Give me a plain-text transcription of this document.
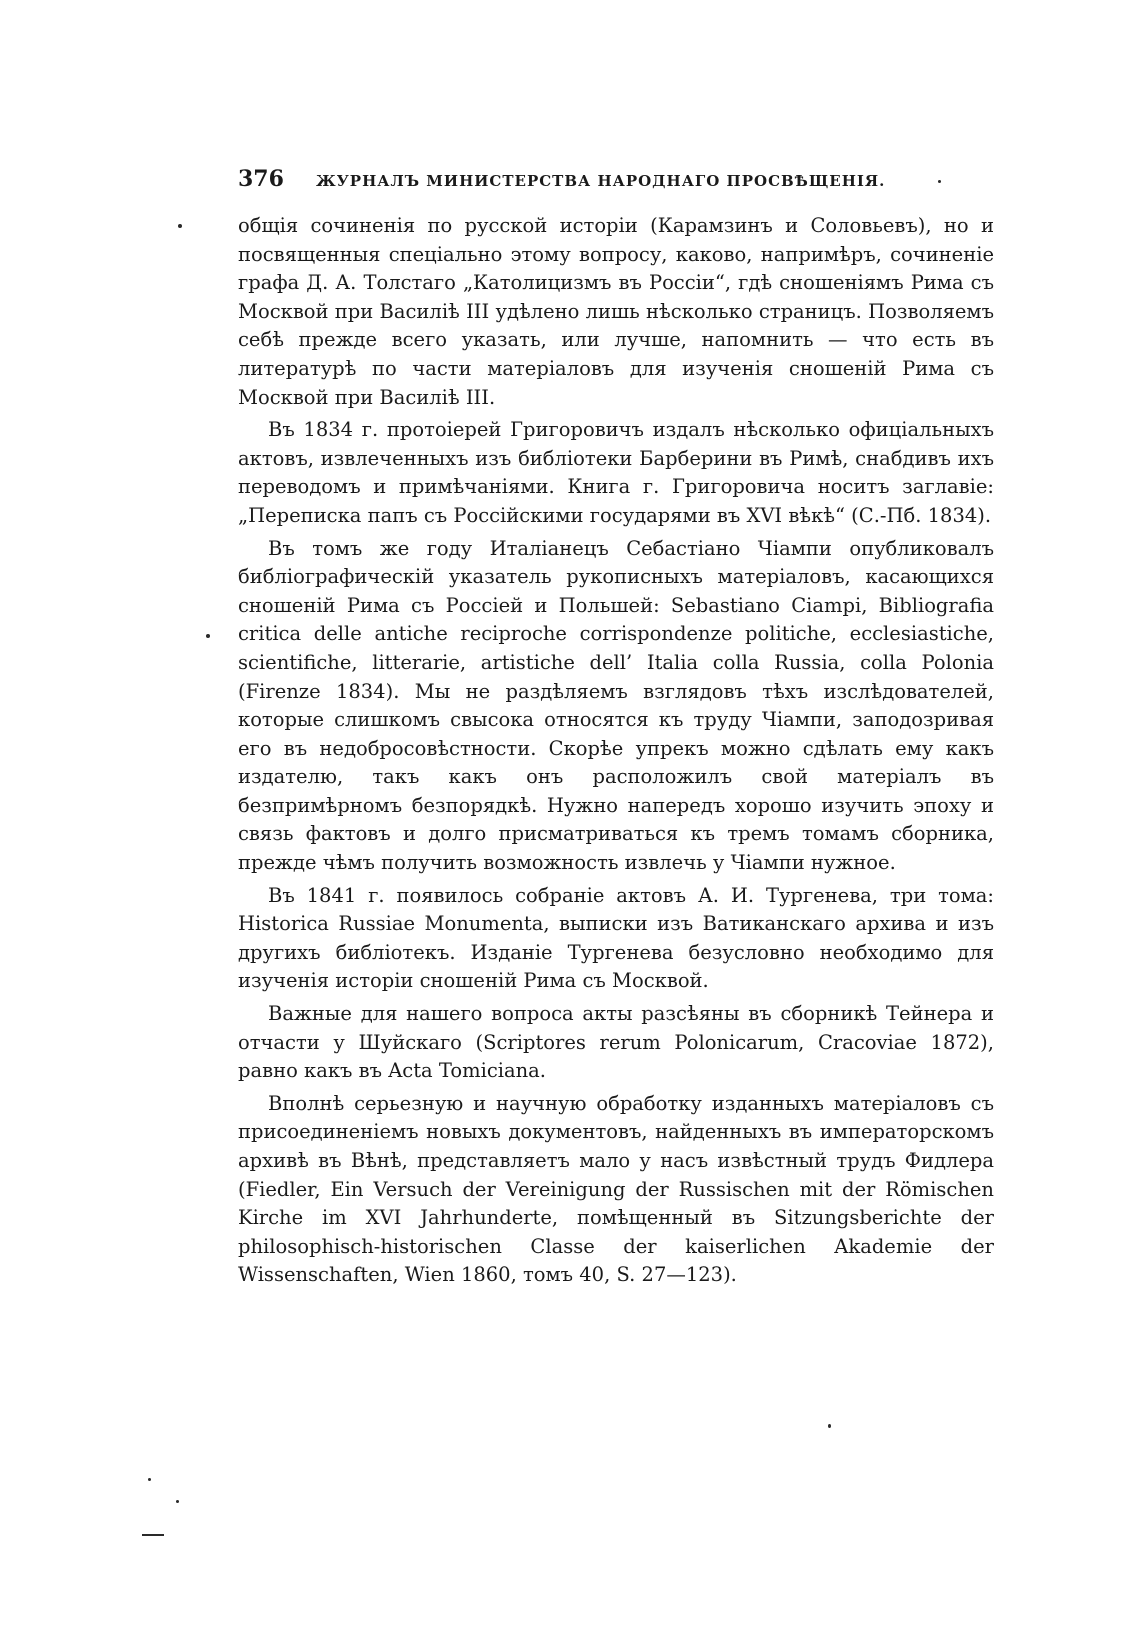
376 ЖУРНАЛЪ МИНИСТЕРСТВА НАРОДНАГО ПРОСВѢЩЕНІЯ.

общія сочиненія по русской исторіи (Карамзинъ и Соловьевъ), но и посвященныя спеціально этому вопросу, каково, напримѣръ, сочиненіе графа Д. А. Толстаго „Католицизмъ въ Россіи“, гдѣ сношеніямъ Рима съ Москвой при Василіѣ III удѣлено лишь нѣсколько страницъ. Позволяемъ себѣ прежде всего указать, или лучше, напомнить — что есть въ литературѣ по части матеріаловъ для изученія сношеній Рима съ Москвой при Василіѣ III.

Въ 1834 г. протоіерей Григоровичъ издалъ нѣсколько офиціальныхъ актовъ, извлеченныхъ изъ библіотеки Барберини въ Римѣ, снабдивъ ихъ переводомъ и примѣчаніями. Книга г. Григоровича носитъ заглавіе: „Переписка папъ съ Россійскими государями въ XVI вѣкѣ“ (С.-Пб. 1834).

Въ томъ же году Италіанецъ Себастіано Чіампи опубликовалъ библіографическій указатель рукописныхъ матеріаловъ, касающихся сношеній Рима съ Россіей и Польшей: Sebastiano Ciampi, Bibliografia critica delle antiche reciproche corrispondenze politiche, ecclesiastiche, scientifiche, litterarie, artistiche dell’ Italia colla Russia, colla Polonia (Firenze 1834). Мы не раздѣляемъ взглядовъ тѣхъ изслѣдователей, которые слишкомъ свысока относятся къ труду Чіампи, заподозривая его въ недобросовѣстности. Скорѣе упрекъ можно сдѣлать ему какъ издателю, такъ какъ онъ расположилъ свой матеріалъ въ безпримѣрномъ безпорядкѣ. Нужно напередъ хорошо изучить эпоху и связь фактовъ и долго присматриваться къ тремъ томамъ сборника, прежде чѣмъ получить возможность извлечь у Чіампи нужное.

Въ 1841 г. появилось собраніе актовъ А. И. Тургенева, три тома: Historica Russiae Monumenta, выписки изъ Ватиканскаго архива и изъ другихъ библіотекъ. Изданіе Тургенева безусловно необходимо для изученія исторіи сношеній Рима съ Москвой.

Важные для нашего вопроса акты разсѣяны въ сборникѣ Тейнера и отчасти у Шуйскаго (Scriptores rerum Polonicarum, Cracoviae 1872), равно какъ въ Acta Tomiciana.

Вполнѣ серьезную и научную обработку изданныхъ матеріаловъ съ присоединеніемъ новыхъ документовъ, найденныхъ въ императорскомъ архивѣ въ Вѣнѣ, представляетъ мало у насъ извѣстный трудъ Фидлера (Fiedler, Ein Versuch der Vereinigung der Russischen mit der Römischen Kirche im XVI Jahrhunderte, помѣщенный въ Sitzungsberichte der philosophisch-historischen Classe der kaiserlichen Akademie der Wissenschaften, Wien 1860, томъ 40, S. 27—123).
